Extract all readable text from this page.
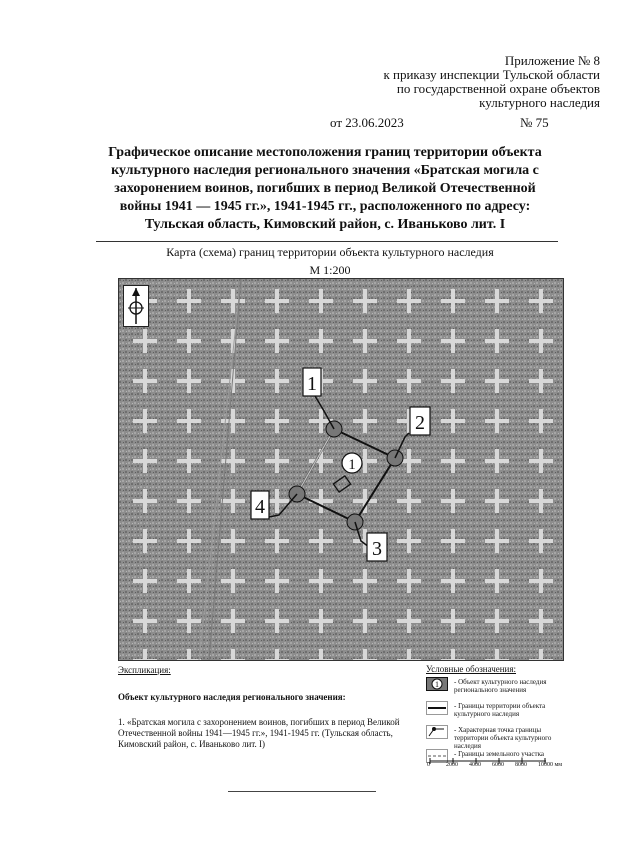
Приложение № 8
к приказу инспекции Тульской области
по государственной охране объектов
культурного наследия
от 23.06.2023	№ 75
Графическое описание местоположения границ территории объекта
культурного наследия регионального значения «Братская могила с
захоронением воинов, погибших в период Великой Отечественной
войны 1941 — 1945 гг.», 1941-1945 гг., расположенного по адресу:
Тульская область, Кимовский район, с. Иваньково лит. I
Карта (схема) границ территории объекта культурного наследия
М 1:200
1
2
3
4
1
Экспликация:
Объект культурного наследия регионального значения:
1. «Братская могила с захоронением воинов, погибших в период Великой
Отечественной войны 1941—1945 гг.», 1941-1945 гг. (Тульская область,
Кимовский район, с. Иваньково лит. I)
Условные обозначения:
1 - Объект культурного наследия регионального значения
- Границы территории объекта культурного наследия
- Характерная точка границы территории объекта культурного наследия
- Границы земельного участка
0	2000 4000 6000 8000 10000 мм
